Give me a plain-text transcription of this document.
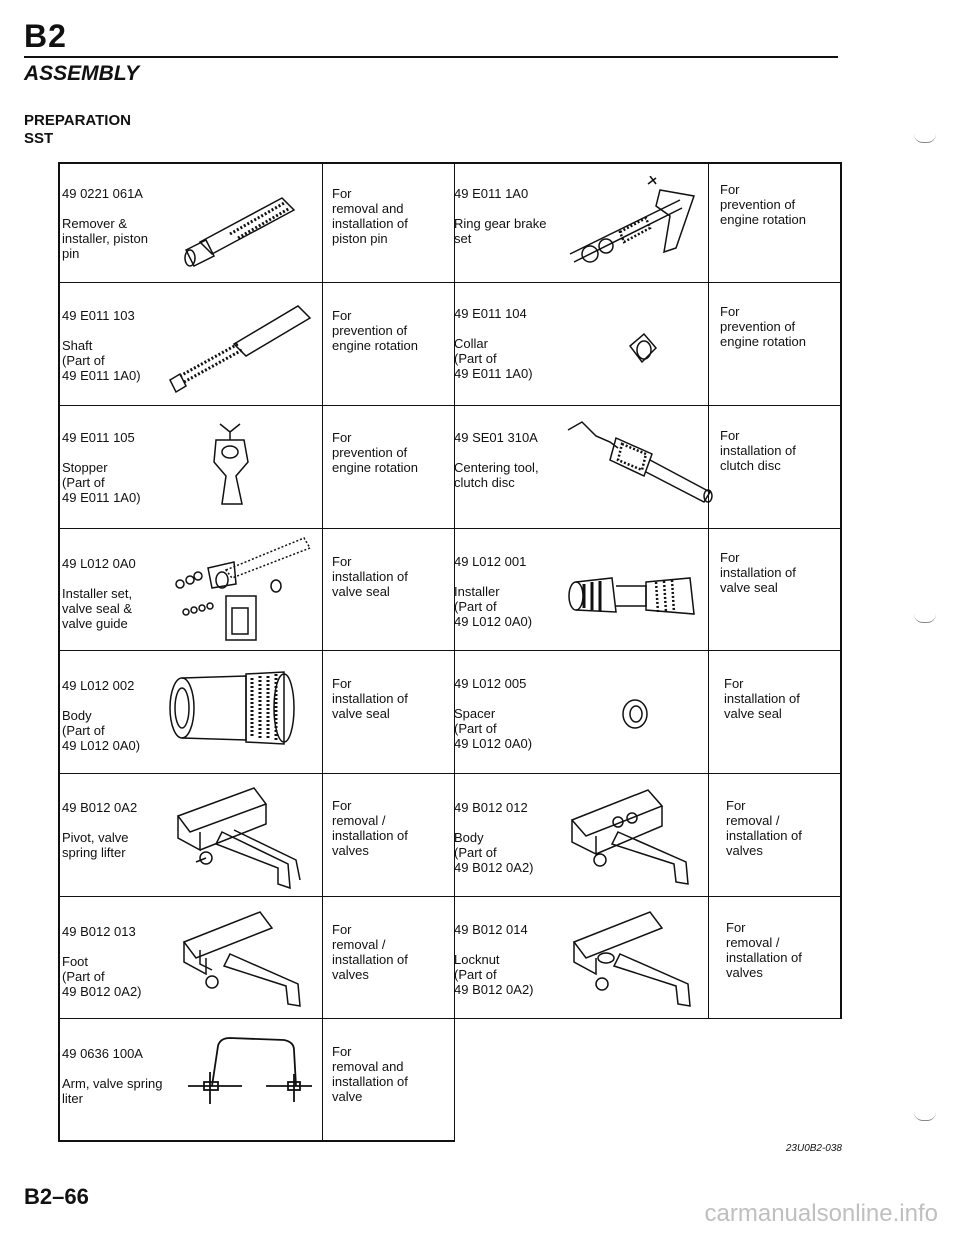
B2
ASSEMBLY
PREPARATION
SST
49 0221 061A
Remover &
installer, piston
pin
For
removal and
installation of
piston pin
49 E011 1A0
Ring gear brake
set
For
prevention of
engine rotation
49 E011 103
Shaft
(Part of
49 E011 1A0)
For
prevention of
engine rotation
49 E011 104
Collar
(Part of
49 E011 1A0)
For
prevention of
engine rotation
49 E011 105
Stopper
(Part of
49 E011 1A0)
For
prevention of
engine rotation
49 SE01 310A
Centering tool,
clutch disc
For
installation of
clutch disc
49 L012 0A0
Installer set,
valve seal &
valve guide
For
installation of
valve seal
49 L012 001
Installer
(Part of
49 L012 0A0)
For
installation of
valve seal
49 L012 002
Body
(Part of
49 L012 0A0)
For
installation of
valve seal
49 L012 005
Spacer
(Part of
49 L012 0A0)
For
installation of
valve seal
49 B012 0A2
Pivot, valve
spring lifter
For
removal /
installation of
valves
49 B012 012
Body
(Part of
49 B012 0A2)
For
removal /
installation of
valves
49 B012 013
Foot
(Part of
49 B012 0A2)
For
removal /
installation of
valves
49 B012 014
Locknut
(Part of
49 B012 0A2)
For
removal /
installation of
valves
49 0636 100A
Arm, valve spring
liter
For
removal and
installation of
valve
23U0B2-038
B2–66
carmanualsonline.info
